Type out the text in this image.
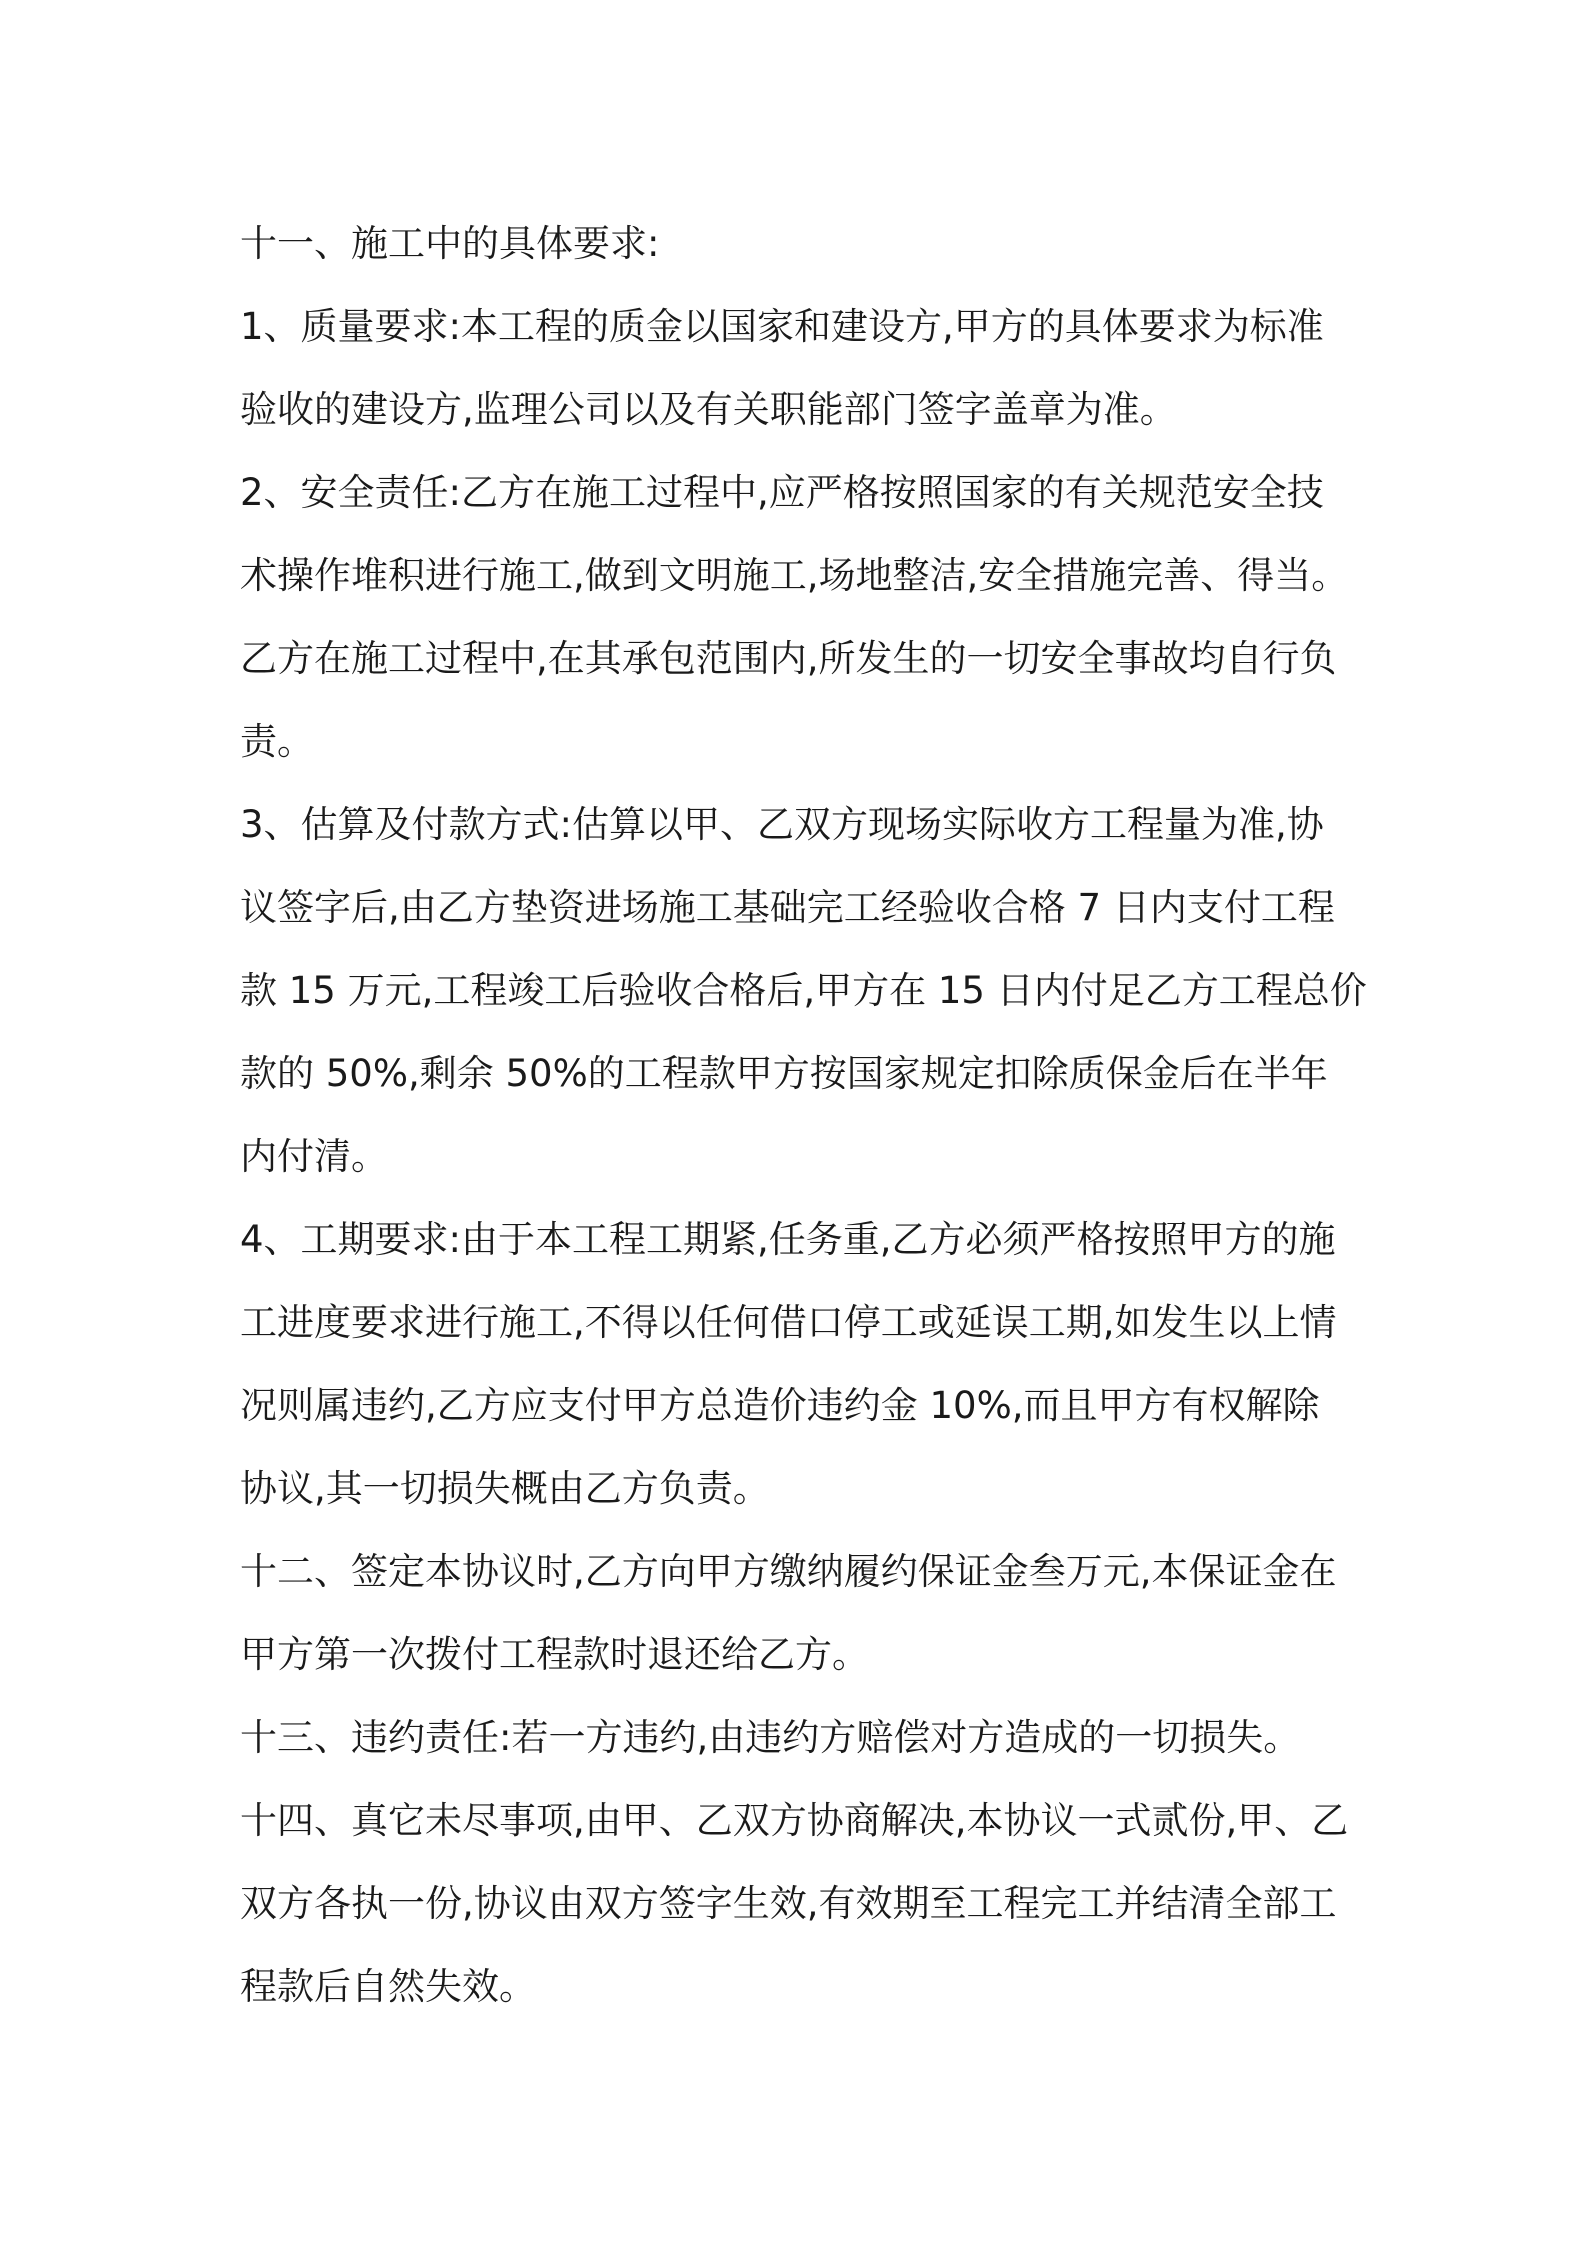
十一、施工中的具体要求:
1、质量要求:本工程的质金以国家和建设方,甲方的具体要求为标准
验收的建设方,监理公司以及有关职能部门签字盖章为准。
2、安全责任:乙方在施工过程中,应严格按照国家的有关规范安全技
术操作堆积进行施工,做到文明施工,场地整洁,安全措施完善、得当。
乙方在施工过程中,在其承包范围内,所发生的一切安全事故均自行负
责。
3、估算及付款方式:估算以甲、乙双方现场实际收方工程量为准,协
议签字后,由乙方垫资进场施工基础完工经验收合格 7 日内支付工程
款 15 万元,工程竣工后验收合格后,甲方在 15 日内付足乙方工程总价
款的 50%,剩余 50%的工程款甲方按国家规定扣除质保金后在半年
内付清。
4、工期要求:由于本工程工期紧,任务重,乙方必须严格按照甲方的施
工进度要求进行施工,不得以任何借口停工或延误工期,如发生以上情
况则属违约,乙方应支付甲方总造价违约金 10%,而且甲方有权解除
协议,其一切损失概由乙方负责。
十二、签定本协议时,乙方向甲方缴纳履约保证金叁万元,本保证金在
甲方第一次拨付工程款时退还给乙方。
十三、违约责任:若一方违约,由违约方赔偿对方造成的一切损失。
十四、真它未尽事项,由甲、乙双方协商解决,本协议一式贰份,甲、乙
双方各执一份,协议由双方签字生效,有效期至工程完工并结清全部工
程款后自然失效。
